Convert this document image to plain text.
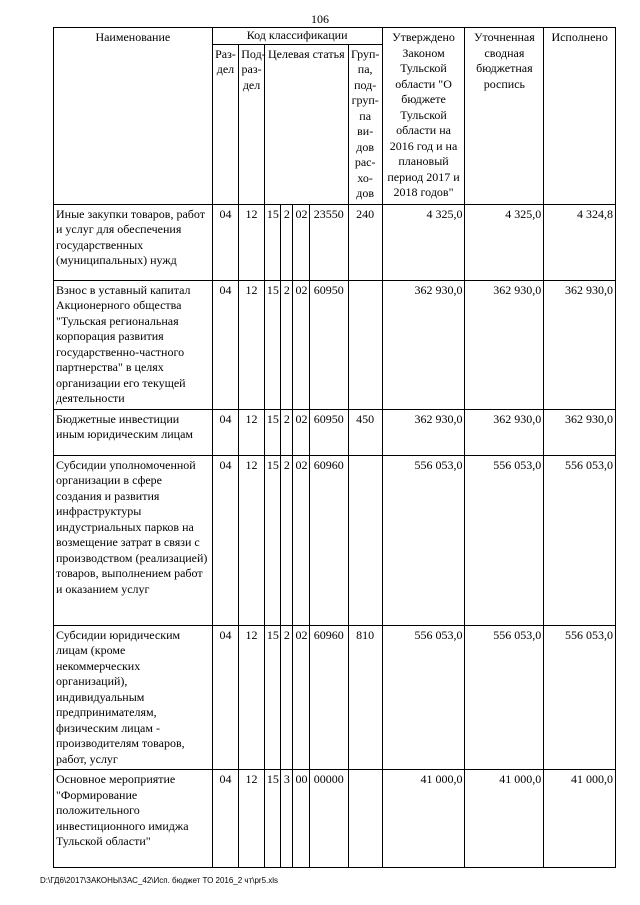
106
Наименование	Код классификации							Утверждено Законом Тульской области "О бюджете Тульской области на 2016 год и на плановый период 2017 и 2018 годов"	Уточненная сводная бюджетная роспись	Исполнено
	Раз-дел	Под-раз-дел	Целевая статья				Груп-па, под-груп-па ви-дов рас-хо-дов			
Иные закупки товаров, работ и услуг для обеспечения государственных (муниципальных) нужд	04	12	15	2	02	23550	240	4 325,0	4 325,0	4 324,8
Взнос в уставный капитал Акционерного общества "Тульская региональная корпорация развития государственно-частного партнерства" в целях организации его текущей деятельности	04	12	15	2	02	60950		362 930,0	362 930,0	362 930,0
Бюджетные инвестиции иным юридическим лицам	04	12	15	2	02	60950	450	362 930,0	362 930,0	362 930,0
Субсидии уполномоченной организации в сфере создания и развития инфраструктуры индустриальных парков на возмещение затрат в связи с производством (реализацией) товаров, выполнением работ и оказанием услуг	04	12	15	2	02	60960		556 053,0	556 053,0	556 053,0
Субсидии юридическим лицам (кроме некоммерческих организаций), индивидуальным предпринимателям, физическим лицам - производителям товаров, работ, услуг	04	12	15	2	02	60960	810	556 053,0	556 053,0	556 053,0
Основное мероприятие "Формирование положительного инвестиционного имиджа Тульской области"	04	12	15	3	00	00000		41 000,0	41 000,0	41 000,0
D:\ГД6\2017\ЗАКОНЫ\ЗАС_42\Исп. бюджет ТО 2016_2 чт\pr5.xls
